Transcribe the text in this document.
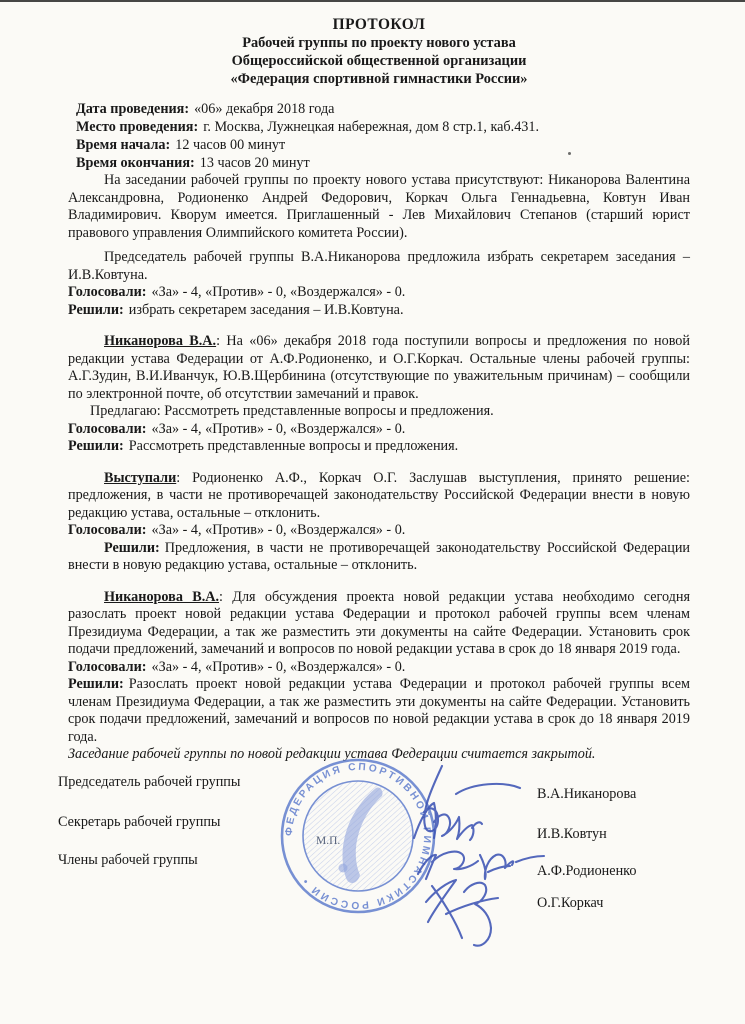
ПРОТОКОЛ
Рабочей группы по проекту нового устава
Общероссийской общественной организации
«Федерация спортивной гимнастики России»
Дата проведения: «06» декабря 2018 года
Место проведения: г. Москва, Лужнецкая набережная, дом 8 стр.1, каб.431.
Время начала: 12 часов 00 минут
Время окончания: 13 часов 20 минут

На заседании рабочей группы по проекту нового устава присутствуют: Никанорова Валентина Александровна, Родионенко Андрей Федорович, Коркач Ольга Геннадьевна, Ковтун Иван Владимирович. Кворум имеется. Приглашенный - Лев Михайлович Степанов (старший юрист правового управления Олимпийского комитета России).

Председатель рабочей группы В.А.Никанорова предложила избрать секретарем заседания – И.В.Ковтуна.

Голосовали: «За» - 4, «Против» - 0, «Воздержался» - 0.

Решили: избрать секретарем заседания – И.В.Ковтуна.

Никанорова В.А.: На «06» декабря 2018 года поступили вопросы и предложения по новой редакции устава Федерации от А.Ф.Родионенко, и О.Г.Коркач. Остальные члены рабочей группы: А.Г.Зудин, В.И.Иванчук, Ю.В.Щербинина (отсутствующие по уважительным причинам) – сообщили по электронной почте, об отсутствии замечаний и правок.

Предлагаю: Рассмотреть представленные вопросы и предложения.

Голосовали: «За» - 4, «Против» - 0, «Воздержался» - 0.

Решили: Рассмотреть представленные вопросы и предложения.

Выступали: Родионенко А.Ф., Коркач О.Г. Заслушав выступления, принято решение: предложения, в части не противоречащей законодательству Российской Федерации внести в новую редакцию устава, остальные – отклонить.

Голосовали: «За» - 4, «Против» - 0, «Воздержался» - 0.

Решили: Предложения, в части не противоречащей законодательству Российской Федерации внести в новую редакцию устава, остальные – отклонить.

Никанорова В.А.: Для обсуждения проекта новой редакции устава необходимо сегодня разослать проект новой редакции устава Федерации и протокол рабочей группы всем членам Президиума Федерации, а так же разместить эти документы на сайте Федерации. Установить срок подачи предложений, замечаний и вопросов по новой редакции устава в срок до 18 января 2019 года.

Голосовали: «За» - 4, «Против» - 0, «Воздержался» - 0.

Решили: Разослать проект новой редакции устава Федерации и протокол рабочей группы всем членам Президиума Федерации, а так же разместить эти документы на сайте Федерации. Установить срок подачи предложений, замечаний и вопросов по новой редакции устава в срок до 18 января 2019 года.

Заседание рабочей группы по новой редакции устава Федерации считается закрытой.

Председатель рабочей группы
Секретарь рабочей группы
Члены рабочей группы
В.А.Никанорова
И.В.Ковтун
А.Ф.Родионенко
О.Г.Коркач
ФЕДЕРАЦИЯ СПОРТИВНОЙ ГИМНАСТИКИ РОССИИ •
М.П.
